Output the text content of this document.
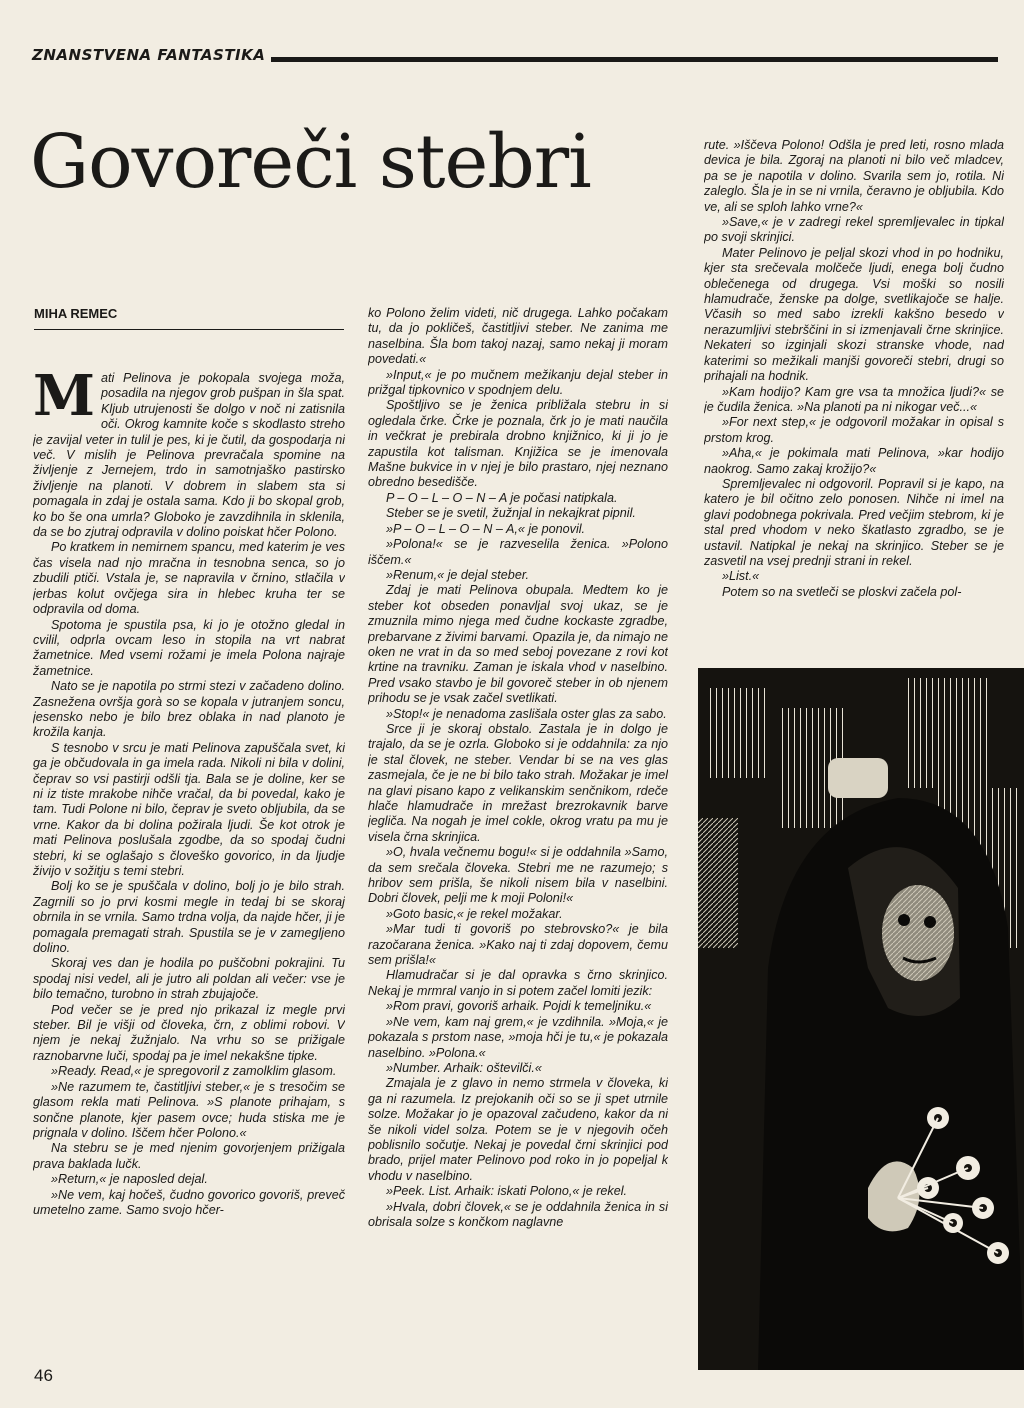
ZNANSTVENA FANTASTIKA
Govoreči stebri
MIHA REMEC
M ati Pelinova je pokopala svojega moža, posadila na njegov grob pušpan in šla spat. Kljub utrujenosti še dolgo v noč ni zatisnila oči. Okrog kamnite koče s skodlasto streho je zavijal veter in tulil je pes, ki je čutil, da gospodarja ni več. V mislih je Pelinova prevračala spomine na življenje z Jernejem, trdo in samotnjaško pastirsko življenje na planoti. V dobrem in slabem sta si pomagala in zdaj je ostala sama. Kdo ji bo skopal grob, ko bo še ona umrla? Globoko je zavzdihnila in sklenila, da se bo zjutraj odpravila v dolino poiskat hčer Polono.

Po kratkem in nemirnem spancu, med katerim je ves čas visela nad njo mračna in tesnobna senca, so jo zbudili ptiči. Vstala je, se napravila v črnino, stlačila v jerbas kolut ovčjega sira in hlebec kruha ter se odpravila od doma.

Spotoma je spustila psa, ki jo je otožno gledal in cvilil, odprla ovcam leso in stopila na vrt nabrat žametnice. Med vsemi rožami je imela Polona najraje žametnice.

Nato se je napotila po strmi stezi v začadeno dolino. Zasnežena ovršja gorà so se kopala v jutranjem soncu, jesensko nebo je bilo brez oblaka in nad planoto je krožila kanja.

S tesnobo v srcu je mati Pelinova zapuščala svet, ki ga je občudovala in ga imela rada. Nikoli ni bila v dolini, čeprav so vsi pastirji odšli tja. Bala se je doline, ker se ni iz tiste mrakobe nihče vračal, da bi povedal, kako je tam. Tudi Polone ni bilo, čeprav je sveto obljubila, da se vrne. Kakor da bi dolina požirala ljudi. Še kot otrok je mati Pelinova poslušala zgodbe, da so spodaj čudni stebri, ki se oglašajo s človeško govorico, in da ljudje živijo v sožitju s temi stebri.

Bolj ko se je spuščala v dolino, bolj jo je bilo strah. Zagrnili so jo prvi kosmi megle in tedaj bi se skoraj obrnila in se vrnila. Samo trdna volja, da najde hčer, ji je pomagala premagati strah. Spustila se je v zamegljeno dolino.

Skoraj ves dan je hodila po puščobni pokrajini. Tu spodaj nisi vedel, ali je jutro ali poldan ali večer: vse je bilo temačno, turobno in strah zbujajoče.

Pod večer se je pred njo prikazal iz megle prvi steber. Bil je višji od človeka, črn, z oblimi robovi. V njem je nekaj žužnjalo. Na vrhu so se prižigale raznobarvne luči, spodaj pa je imel nekakšne tipke.

»Ready. Read,« je spregovoril z zamolklim glasom.

»Ne razumem te, častitljivi steber,« je s tresočim se glasom rekla mati Pelinova. »S planote prihajam, s sončne planote, kjer pasem ovce; huda stiska me je prignala v dolino. Iščem hčer Polono.«

Na stebru se je med njenim govorjenjem prižigala prava baklada lučk.

»Return,« je naposled dejal.

»Ne vem, kaj hočeš, čudno govorico govoriš, preveč umetelno zame. Samo svojo hčer-

ko Polono želim videti, nič drugega. Lahko počakam tu, da jo pokličeš, častitljivi steber. Ne zanima me naselbina. Šla bom takoj nazaj, samo nekaj ji moram povedati.«

»Input,« je po mučnem mežikanju dejal steber in prižgal tipkovnico v spodnjem delu.

Spoštljivo se je ženica približala stebru in si ogledala črke. Črke je poznala, črk jo je mati naučila in večkrat je prebirala drobno knjižnico, ki ji jo je zapustila kot talisman. Knjižica se je imenovala Mašne bukvice in v njej je bilo prastaro, njej neznano obredno besedišče.

P – O – L – O – N – A je počasi natipkala.

Steber se je svetil, žužnjal in nekajkrat pipnil.

»P – O – L – O – N – A,« je ponovil.

»Polona!« se je razveselila ženica. »Polono iščem.«

»Renum,« je dejal steber.

Zdaj je mati Pelinova obupala. Medtem ko je steber kot obseden ponavljal svoj ukaz, se je zmuznila mimo njega med čudne kockaste zgradbe, prebarvane z živimi barvami. Opazila je, da nimajo ne oken ne vrat in da so med seboj povezane z rovi kot krtine na travniku. Zaman je iskala vhod v naselbino. Pred vsako stavbo je bil govoreč steber in ob njenem prihodu se je vsak začel svetlikati.

»Stop!« je nenadoma zaslišala oster glas za sabo.

Srce ji je skoraj obstalo. Zastala je in dolgo je trajalo, da se je ozrla. Globoko si je oddahnila: za njo je stal človek, ne steber. Vendar bi se na ves glas zasmejala, če je ne bi bilo tako strah. Možakar je imel na glavi pisano kapo z velikanskim senčnikom, rdeče hlače hlamudrače in mrežast brezrokavnik barve jegliča. Na nogah je imel cokle, okrog vratu pa mu je visela črna skrinjica.

»O, hvala večnemu bogu!« si je oddahnila »Samo, da sem srečala človeka. Stebri me ne razumejo; s hribov sem prišla, še nikoli nisem bila v naselbini. Dobri človek, pelji me k moji Poloni!«

»Goto basic,« je rekel možakar.

»Mar tudi ti govoriš po stebrovsko?« je bila razočarana ženica. »Kako naj ti zdaj dopovem, čemu sem prišla!«

Hlamudračar si je dal opravka s črno skrinjico. Nekaj je mrmral vanjo in si potem začel lomiti jezik:

»Rom pravi, govoriš arhaik. Pojdi k temeljniku.«

»Ne vem, kam naj grem,« je vzdihnila. »Moja,« je pokazala s prstom nase, »moja hči je tu,« je pokazala naselbino. »Polona.«

»Number. Arhaik: oštevilči.«

Zmajala je z glavo in nemo strmela v človeka, ki ga ni razumela. Iz prejokanih oči so se ji spet utrnile solze. Možakar jo je opazoval začudeno, kakor da ni še nikoli videl solza. Potem se je v njegovih očeh poblisnilo sočutje. Nekaj je povedal črni skrinjici pod brado, prijel mater Pelinovo pod roko in jo popeljal k vhodu v naselbino.

»Peek. List. Arhaik: iskati Polono,« je rekel.

»Hvala, dobri človek,« se je oddahnila ženica in si obrisala solze s končkom naglavne

rute. »Iščeva Polono! Odšla je pred leti, rosno mlada devica je bila. Zgoraj na planoti ni bilo več mladcev, pa se je napotila v dolino. Svarila sem jo, rotila. Ni zaleglo. Šla je in se ni vrnila, čeravno je obljubila. Kdo ve, ali se sploh lahko vrne?«

»Save,« je v zadregi rekel spremljevalec in tipkal po svoji skrinjici.

Mater Pelinovo je peljal skozi vhod in po hodniku, kjer sta srečevala molčeče ljudi, enega bolj čudno oblečenega od drugega. Vsi moški so nosili hlamudrače, ženske pa dolge, svetlikajoče se halje. Včasih so med sabo izrekli kakšno besedo v nerazumljivi stebrščini in si izmenjavali črne skrinjice. Nekateri so izginjali skozi stranske vhode, nad katerimi so mežikali manjši govoreči stebri, drugi so prihajali na hodnik.

»Kam hodijo? Kam gre vsa ta množica ljudi?« se je čudila ženica. »Na planoti pa ni nikogar več...«

»For next step,« je odgovoril možakar in opisal s prstom krog.

»Aha,« je pokimala mati Pelinova, »kar hodijo naokrog. Samo zakaj krožijo?«

Spremljevalec ni odgovoril. Popravil si je kapo, na katero je bil očitno zelo ponosen. Nihče ni imel na glavi podobnega pokrivala. Pred večjim stebrom, ki je stal pred vhodom v neko škatlasto zgradbo, se je ustavil. Natipkal je nekaj na skrinjico. Steber se je zasvetil na vsej prednji strani in rekel.

»List.«

Potem so na svetleči se ploskvi začela pol-

46
